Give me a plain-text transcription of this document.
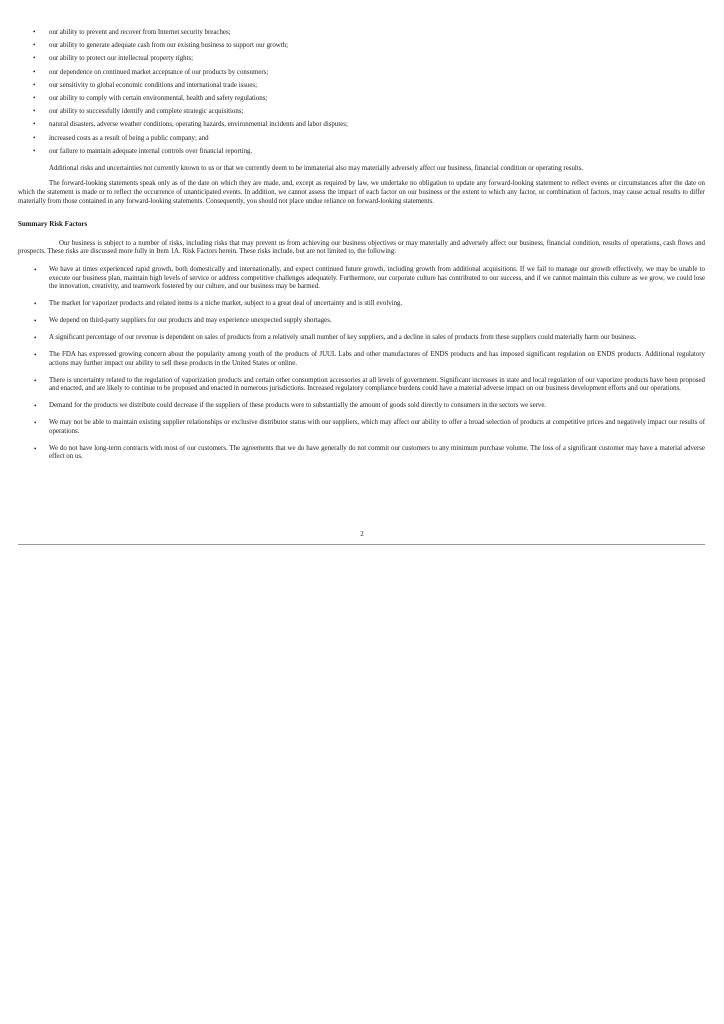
• our ability to prevent and recover from Internet security breaches;
• our ability to generate adequate cash from our existing business to support our growth;
• our ability to protect our intellectual property rights;
• our dependence on continued market acceptance of our products by consumers;
• our sensitivity to global economic conditions and international trade issues;
• our ability to comply with certain environmental, health and safety regulations;
• our ability to successfully identify and complete strategic acquisitions;
• natural disasters, adverse weather conditions, operating hazards, environmental incidents and labor disputes;
• increased costs as a result of being a public company; and
• our failure to maintain adequate internal controls over financial reporting.

Additional risks and uncertainties not currently known to us or that we currently deem to be immaterial also may materially adversely affect our business, financial condition or operating results.

The forward-looking statements speak only as of the date on which they are made, and, except as required by law, we undertake no obligation to update any forward-looking statement to reflect events or circumstances after the date on which the statement is made or to reflect the occurrence of unanticipated events. In addition, we cannot assess the impact of each factor on our business or the extent to which any factor, or combination of factors, may cause actual results to differ materially from those contained in any forward-looking statements. Consequently, you should not place undue reliance on forward-looking statements.

Summary Risk Factors

Our business is subject to a number of risks, including risks that may prevent us from achieving our business objectives or may materially and adversely affect our business, financial condition, results of operations, cash flows and prospects. These risks are discussed more fully in Item 1A. Risk Factors herein. These risks include, but are not limited to, the following:

• We have at times experienced rapid growth, both domestically and internationally, and expect continued future growth, including growth from additional acquisitions. If we fail to manage our growth effectively, we may be unable to execute our business plan, maintain high levels of service or address competitive challenges adequately. Furthermore, our corporate culture has contributed to our success, and if we cannot maintain this culture as we grow, we could lose the innovation, creativity, and teamwork fostered by our culture, and our business may be harmed.
• The market for vaporizer products and related items is a niche market, subject to a great deal of uncertainty and is still evolving.
• We depend on third-party suppliers for our products and may experience unexpected supply shortages.
• A significant percentage of our revenue is dependent on sales of products from a relatively small number of key suppliers, and a decline in sales of products from these suppliers could materially harm our business.
• The FDA has expressed growing concern about the popularity among youth of the products of JUUL Labs and other manufactures of ENDS products and has imposed significant regulation on ENDS products. Additional regulatory actions may further impact our ability to sell these products in the United States or online.
• There is uncertainty related to the regulation of vaporization products and certain other consumption accessories at all levels of government. Significant increases in state and local regulation of our vaporizer products have been proposed and enacted, and are likely to continue to be proposed and enacted in numerous jurisdictions. Increased regulatory compliance burdens could have a material adverse impact on our business development efforts and our operations.
• Demand for the products we distribute could decrease if the suppliers of these products were to substantially the amount of goods sold directly to consumers in the sectors we serve.
• We may not be able to maintain existing supplier relationships or exclusive distributor status with our suppliers, which may affect our ability to offer a broad selection of products at competitive prices and negatively impact our results of operations.
• We do not have long-term contracts with most of our customers. The agreements that we do have generally do not commit our customers to any minimum purchase volume. The loss of a significant customer may have a material adverse effect on us.
2
